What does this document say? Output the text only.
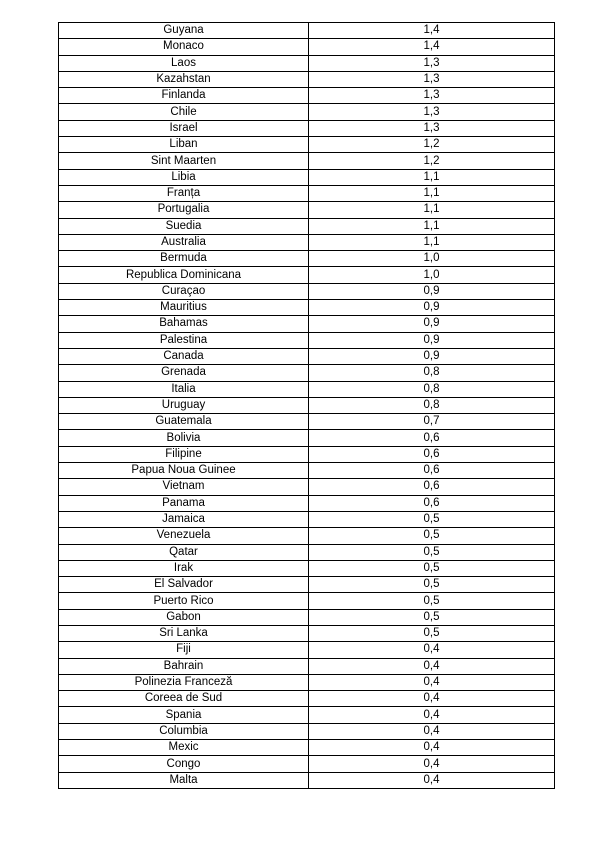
Guyana	1,4
Monaco	1,4
Laos	1,3
Kazahstan	1,3
Finlanda	1,3
Chile	1,3
Israel	1,3
Liban	1,2
Sint Maarten	1,2
Libia	1,1
Franța	1,1
Portugalia	1,1
Suedia	1,1
Australia	1,1
Bermuda	1,0
Republica Dominicana	1,0
Curaçao	0,9
Mauritius	0,9
Bahamas	0,9
Palestina	0,9
Canada	0,9
Grenada	0,8
Italia	0,8
Uruguay	0,8
Guatemala	0,7
Bolivia	0,6
Filipine	0,6
Papua Noua Guinee	0,6
Vietnam	0,6
Panama	0,6
Jamaica	0,5
Venezuela	0,5
Qatar	0,5
Irak	0,5
El Salvador	0,5
Puerto Rico	0,5
Gabon	0,5
Sri Lanka	0,5
Fiji	0,4
Bahrain	0,4
Polinezia Franceză	0,4
Coreea de Sud	0,4
Spania	0,4
Columbia	0,4
Mexic	0,4
Congo	0,4
Malta	0,4
